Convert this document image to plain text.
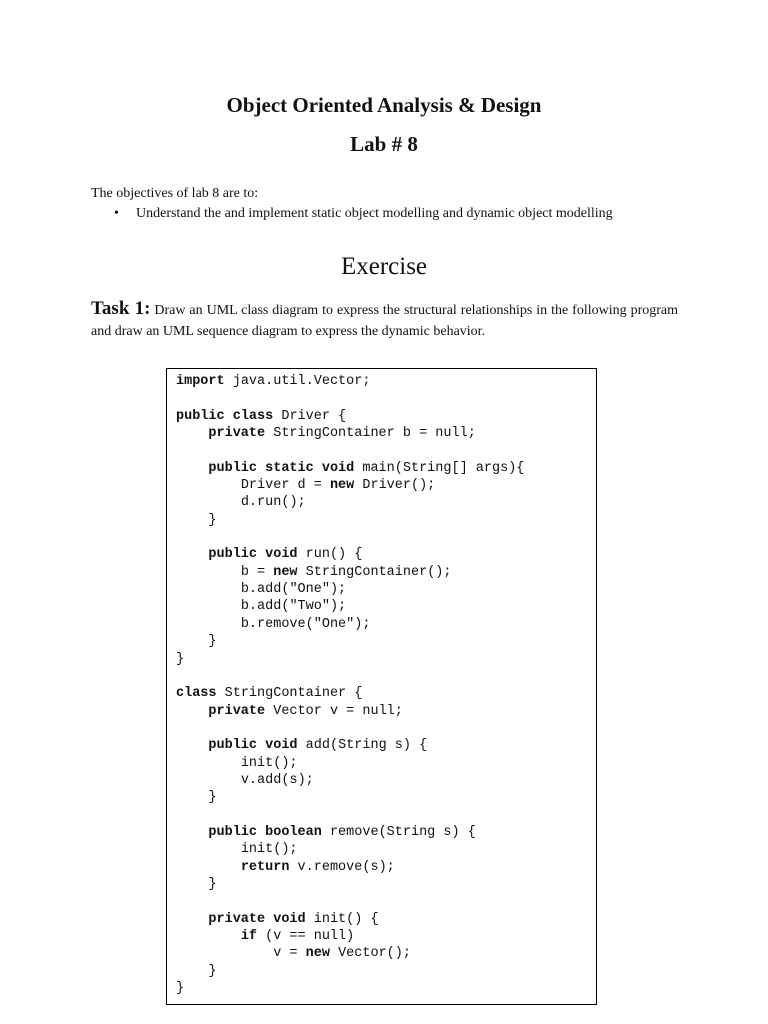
Object Oriented Analysis & Design
Lab # 8

The objectives of lab 8 are to:

• Understand the and implement static object modelling and dynamic object modelling
Exercise

Task 1: Draw an UML class diagram to express the structural relationships in the following program and draw an UML sequence diagram to express the dynamic behavior.

import java.util.Vector;

public class Driver {
private StringContainer b = null;

public static void main(String[] args){
Driver d = new Driver();
d.run();
}

public void run() {
b = new StringContainer();
b.add("One");
b.add("Two");
b.remove("One");
}
}

class StringContainer {
private Vector v = null;

public void add(String s) {
init();
v.add(s);
}

public boolean remove(String s) {
init();
return v.remove(s);
}

private void init() {
if (v == null)
v = new Vector();
}
}
